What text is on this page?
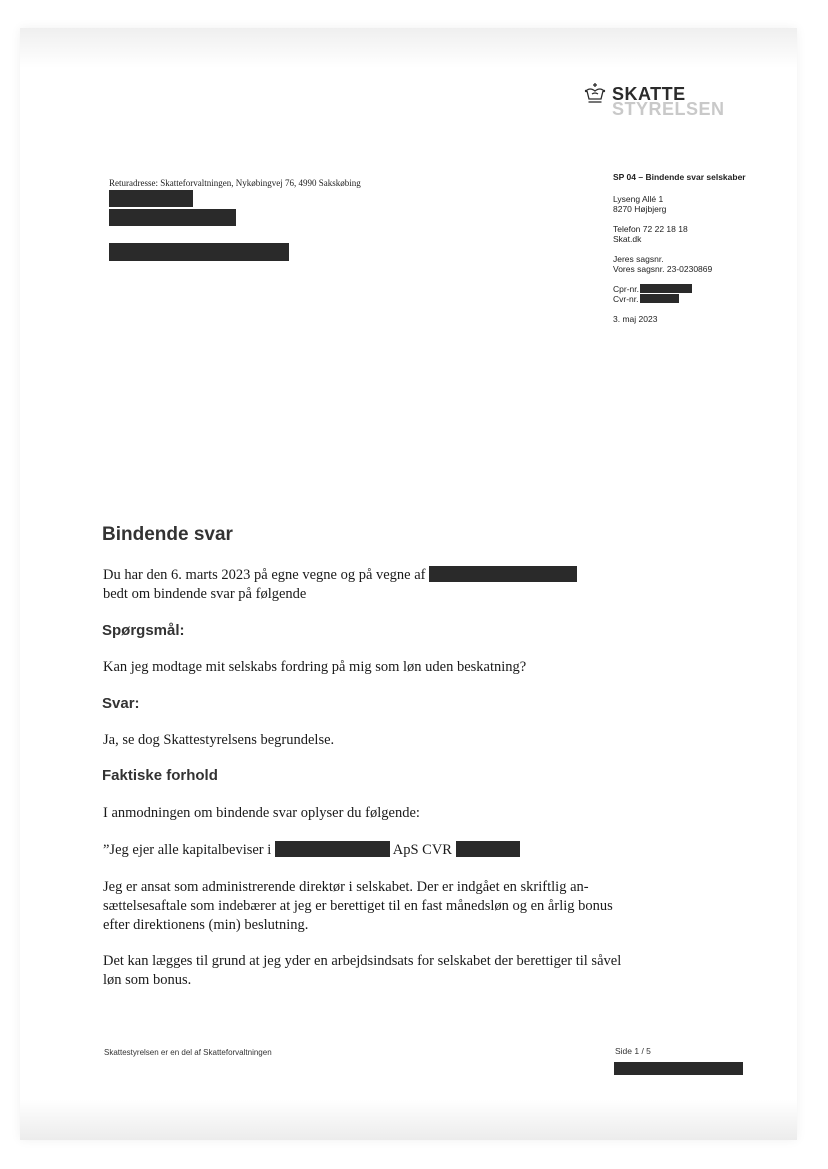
SKATTE
STYRELSEN
Returadresse: Skatteforvaltningen, Nykøbingvej 76, 4990 Sakskøbing
SP 04 – Bindende svar selskaber
Lyseng Allé 1
8270 Højbjerg
Telefon 72 22 18 18
Skat.dk
Jeres sagsnr.
Vores sagsnr. 23-0230869
Cpr-nr.
Cvr-nr.
3. maj 2023
Bindende svar
Du har den 6. marts 2023 på egne vegne og på vegne af
bedt om bindende svar på følgende
Spørgsmål:
Kan jeg modtage mit selskabs fordring på mig som løn uden beskatning?
Svar:
Ja, se dog Skattestyrelsens begrundelse.
Faktiske forhold
I anmodningen om bindende svar oplyser du følgende:
”Jeg ejer alle kapitalbeviser i	ApS CVR
Jeg er ansat som administrerende direktør i selskabet. Der er indgået en skriftlig an-sættelsesaftale som indebærer at jeg er berettiget til en fast månedsløn og en årlig bonus efter direktionens (min) beslutning.
Det kan lægges til grund at jeg yder en arbejdsindsats for selskabet der berettiger til såvel løn som bonus.
Skattestyrelsen er en del af Skatteforvaltningen	Side 1 / 5
